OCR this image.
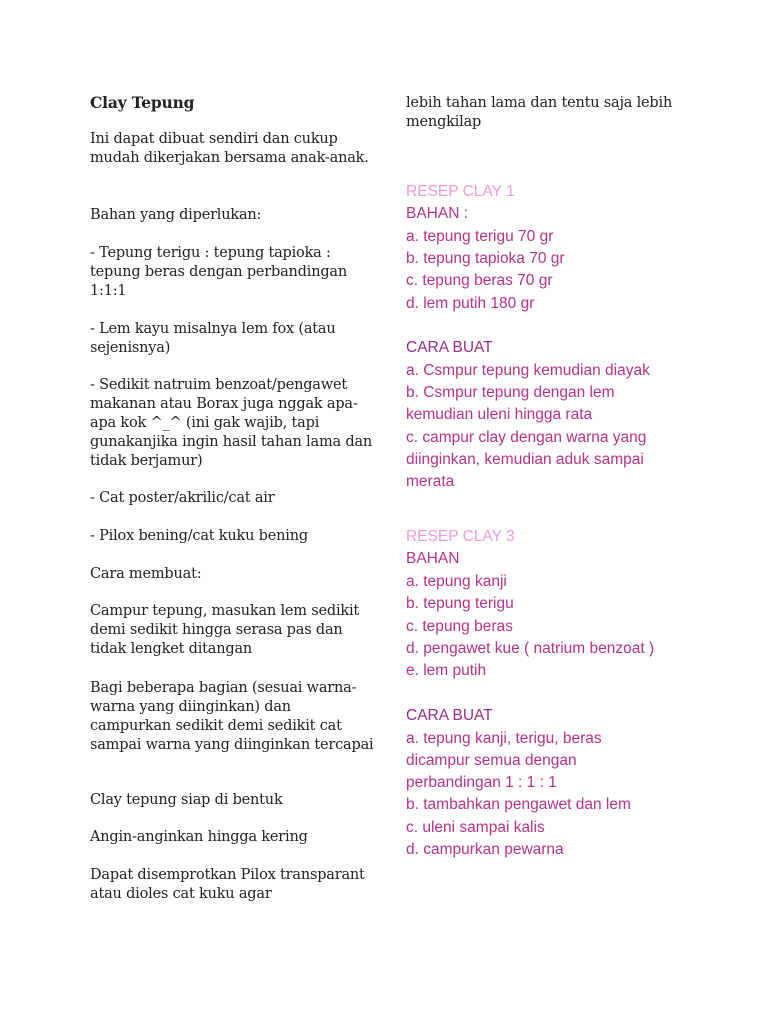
Clay Tepung

Ini dapat dibuat sendiri dan cukup mudah dikerjakan bersama anak-anak.

Bahan yang diperlukan:

- Tepung terigu : tepung tapioka : tepung beras dengan perbandingan 1:1:1

- Lem kayu misalnya lem fox (atau sejenisnya)

- Sedikit natruim benzoat/pengawet makanan atau Borax juga nggak apa-apa kok ^_^ (ini gak wajib, tapi gunakanjika ingin hasil tahan lama dan tidak berjamur)

- Cat poster/akrilic/cat air

- Pilox bening/cat kuku bening

Cara membuat:

Campur tepung, masukan lem sedikit demi sedikit hingga serasa pas dan tidak lengket ditangan

Bagi beberapa bagian (sesuai warna-warna yang diinginkan) dan campurkan sedikit demi sedikit cat sampai warna yang diinginkan tercapai

Clay tepung siap di bentuk

Angin-anginkan hingga kering

Dapat disemprotkan Pilox transparant atau dioles cat kuku agar

lebih tahan lama dan tentu saja lebih mengkilap
RESEP CLAY 1
BAHAN :
a. tepung terigu 70 gr
b. tepung tapioka 70 gr
c. tepung beras 70 gr
d. lem putih 180 gr
CARA BUAT
a. Csmpur tepung kemudian diayak
b. Csmpur tepung dengan lem
kemudian uleni hingga rata
c. campur clay dengan warna yang
diinginkan, kemudian aduk sampai
merata
RESEP CLAY 3
BAHAN
a. tepung kanji
b. tepung terigu
c. tepung beras
d. pengawet kue ( natrium benzoat )
e. lem putih
CARA BUAT
a. tepung kanji, terigu, beras
dicampur semua dengan
perbandingan 1 : 1 : 1
b. tambahkan pengawet dan lem
c. uleni sampai kalis
d. campurkan pewarna
